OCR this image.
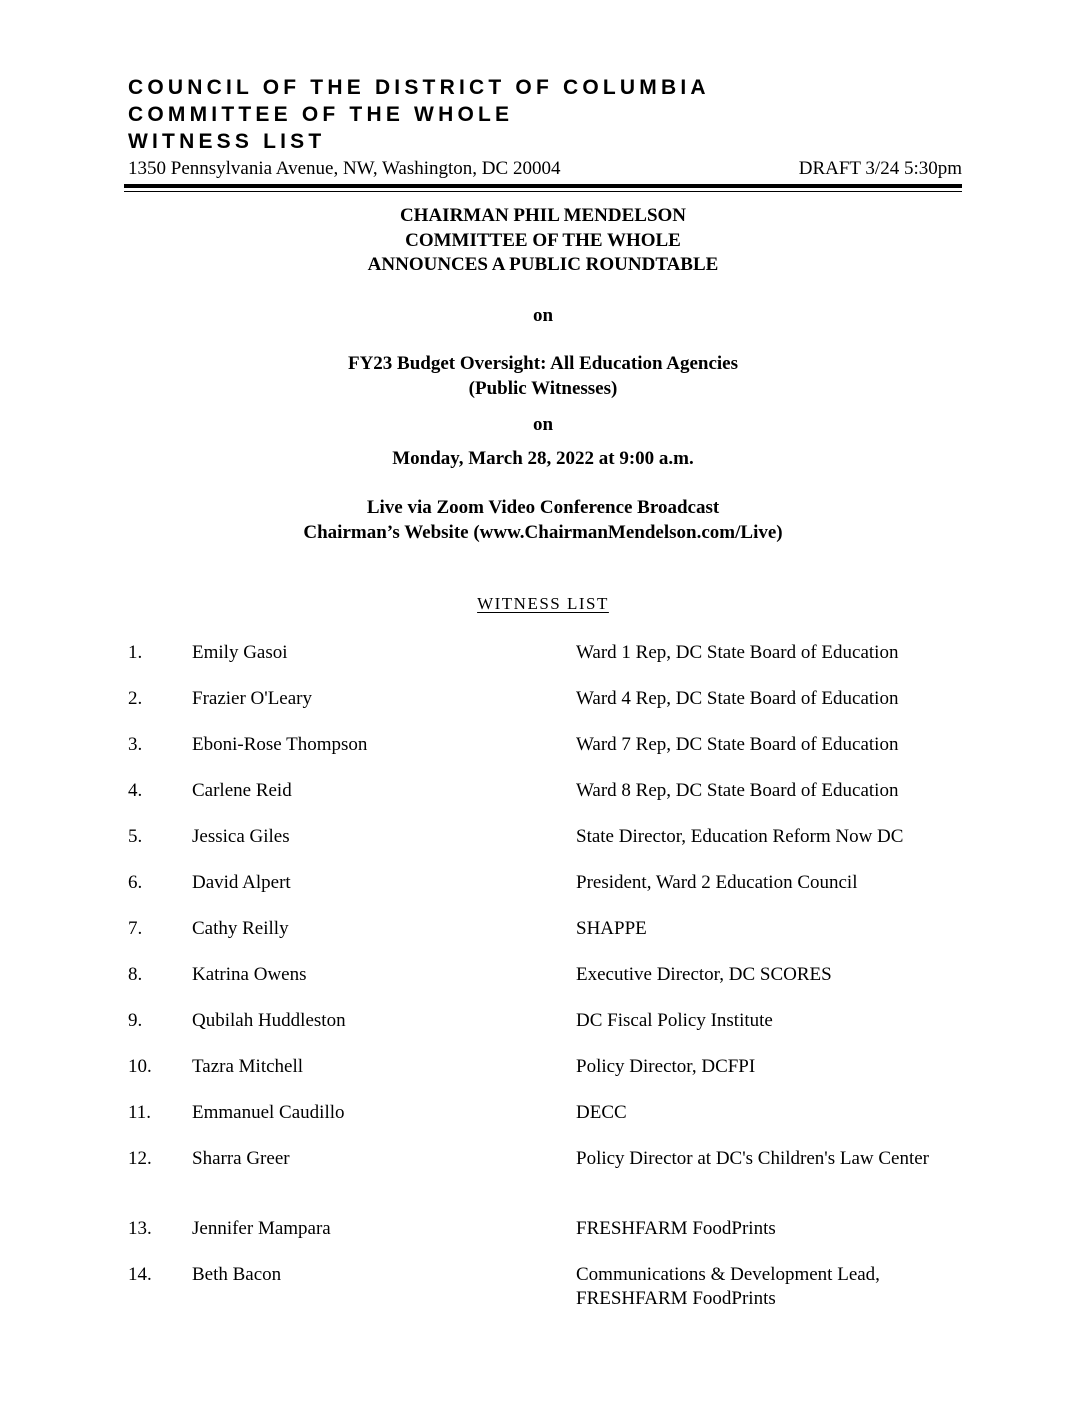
COUNCIL OF THE DISTRICT OF COLUMBIA
COMMITTEE OF THE WHOLE
WITNESS LIST
1350 Pennsylvania Avenue, NW, Washington, DC 20004	DRAFT 3/24 5:30pm
CHAIRMAN PHIL MENDELSON
COMMITTEE OF THE WHOLE
ANNOUNCES A PUBLIC ROUNDTABLE
on
FY23 Budget Oversight: All Education Agencies
(Public Witnesses)
on
Monday, March 28, 2022 at 9:00 a.m.
Live via Zoom Video Conference Broadcast
Chairman’s Website (www.ChairmanMendelson.com/Live)
WITNESS LIST
1.	Emily Gasoi	Ward 1 Rep, DC State Board of Education
2.	Frazier O'Leary	Ward 4 Rep, DC State Board of Education
3.	Eboni-Rose Thompson	Ward 7 Rep, DC State Board of Education
4.	Carlene Reid	Ward 8 Rep, DC State Board of Education
5.	Jessica Giles	State Director, Education Reform Now DC
6.	David Alpert	President, Ward 2 Education Council
7.	Cathy Reilly	SHAPPE
8.	Katrina Owens	Executive Director, DC SCORES
9.	Qubilah Huddleston	DC Fiscal Policy Institute
10. Tazra Mitchell	Policy Director, DCFPI
11. Emmanuel Caudillo	DECC
12. Sharra Greer	Policy Director at DC's Children's Law Center
13. Jennifer Mampara	FRESHFARM FoodPrints
14. Beth Bacon	Communications & Development Lead, FRESHFARM FoodPrints
